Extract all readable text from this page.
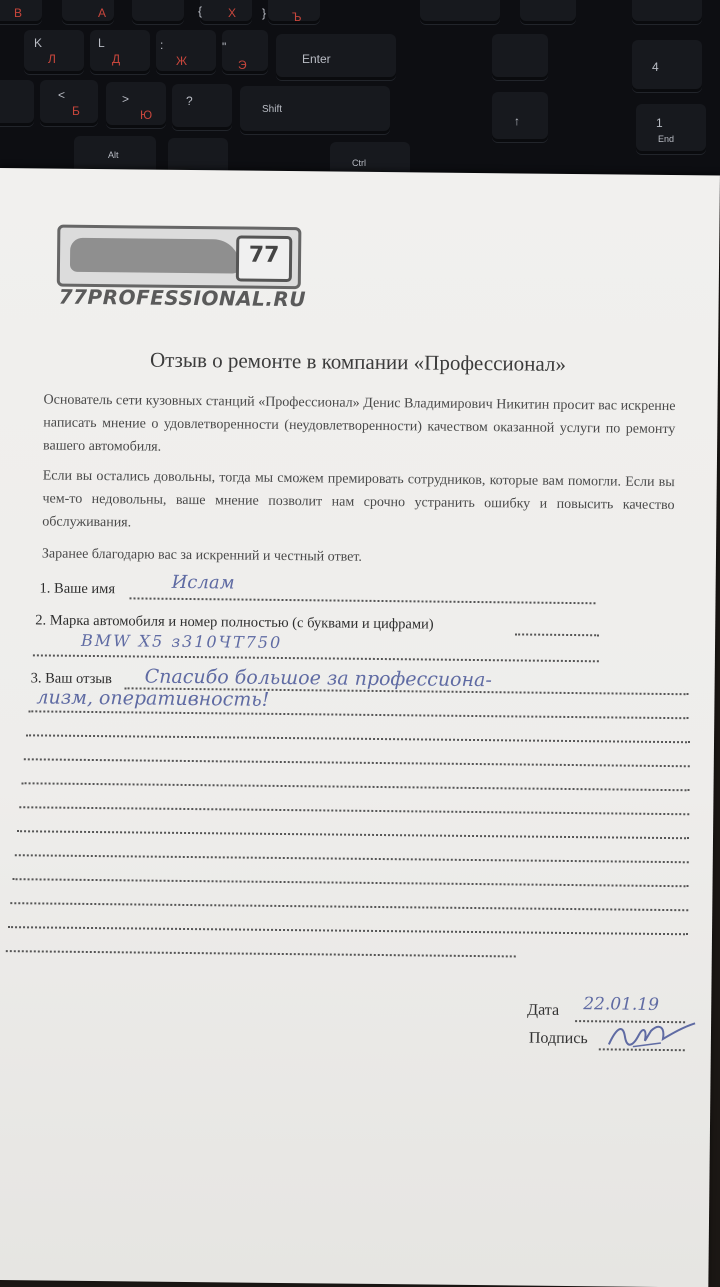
В	А	{ Х	Ъ
}
K
Л
L
Д
:
Ж
"
Э	Enter
4
Б
<
Ю
>	?
Shift
↑	1
End
Alt
Ctrl
77
77PROFESSIONAL.RU
Отзыв о ремонте в компании «Профессионал»
Основатель сети кузовных станций «Профессионал» Денис Владимирович Никитин просит вас искренне написать мнение о удовлетворенности (неудовлетворенности) качеством оказанной услуги по ремонту вашего автомобиля.
Если вы остались довольны, тогда мы сможем премировать сотрудников, которые вам помогли. Если вы чем-то недовольны, ваше мнение позволит нам срочно устранить ошибку и повысить качество обслуживания.
Заранее благодарю вас за искренний и честный ответ.
1. Ваше имя	Ислам
2. Марка автомобиля и номер полностью (с буквами и цифрами)
BMW X5 з310ЧТ750
3. Ваш отзыв Спасибо большое за профессиона-
лизм, оперативность!
Дата 22.01.19
Подпись
